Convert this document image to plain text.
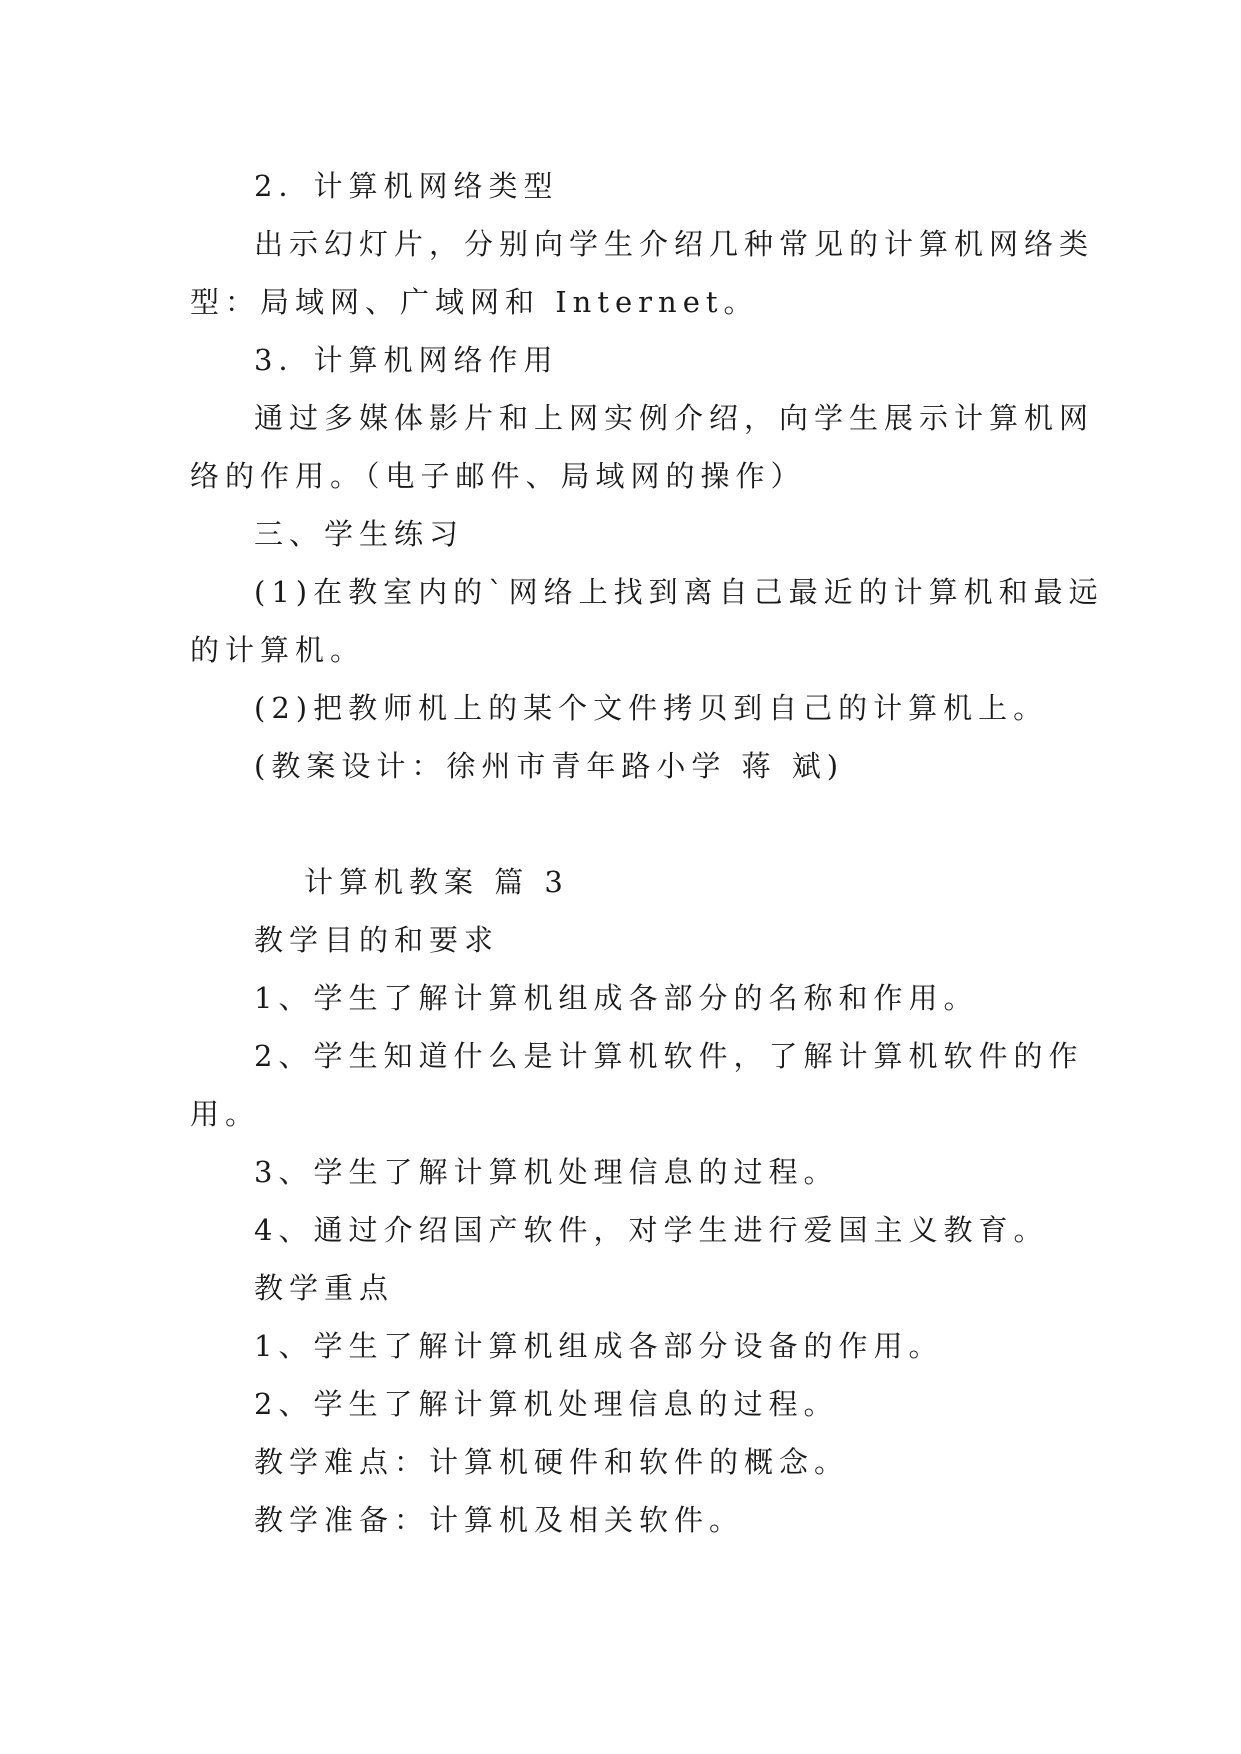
2．计算机网络类型
出示幻灯片，分别向学生介绍几种常见的计算机网络类
型：局域网、广域网和 Internet。
3．计算机网络作用
通过多媒体影片和上网实例介绍，向学生展示计算机网
络的作用。（电子邮件、局域网的操作）
三、学生练习
(1)在教室内的`网络上找到离自己最近的计算机和最远
的计算机。
(2)把教师机上的某个文件拷贝到自己的计算机上。
(教案设计：徐州市青年路小学 蒋 斌)
计算机教案 篇 3
教学目的和要求
1、学生了解计算机组成各部分的名称和作用。
2、学生知道什么是计算机软件，了解计算机软件的作
用。
3、学生了解计算机处理信息的过程。
4、通过介绍国产软件，对学生进行爱国主义教育。
教学重点
1、学生了解计算机组成各部分设备的作用。
2、学生了解计算机处理信息的过程。
教学难点：计算机硬件和软件的概念。
教学准备：计算机及相关软件。
